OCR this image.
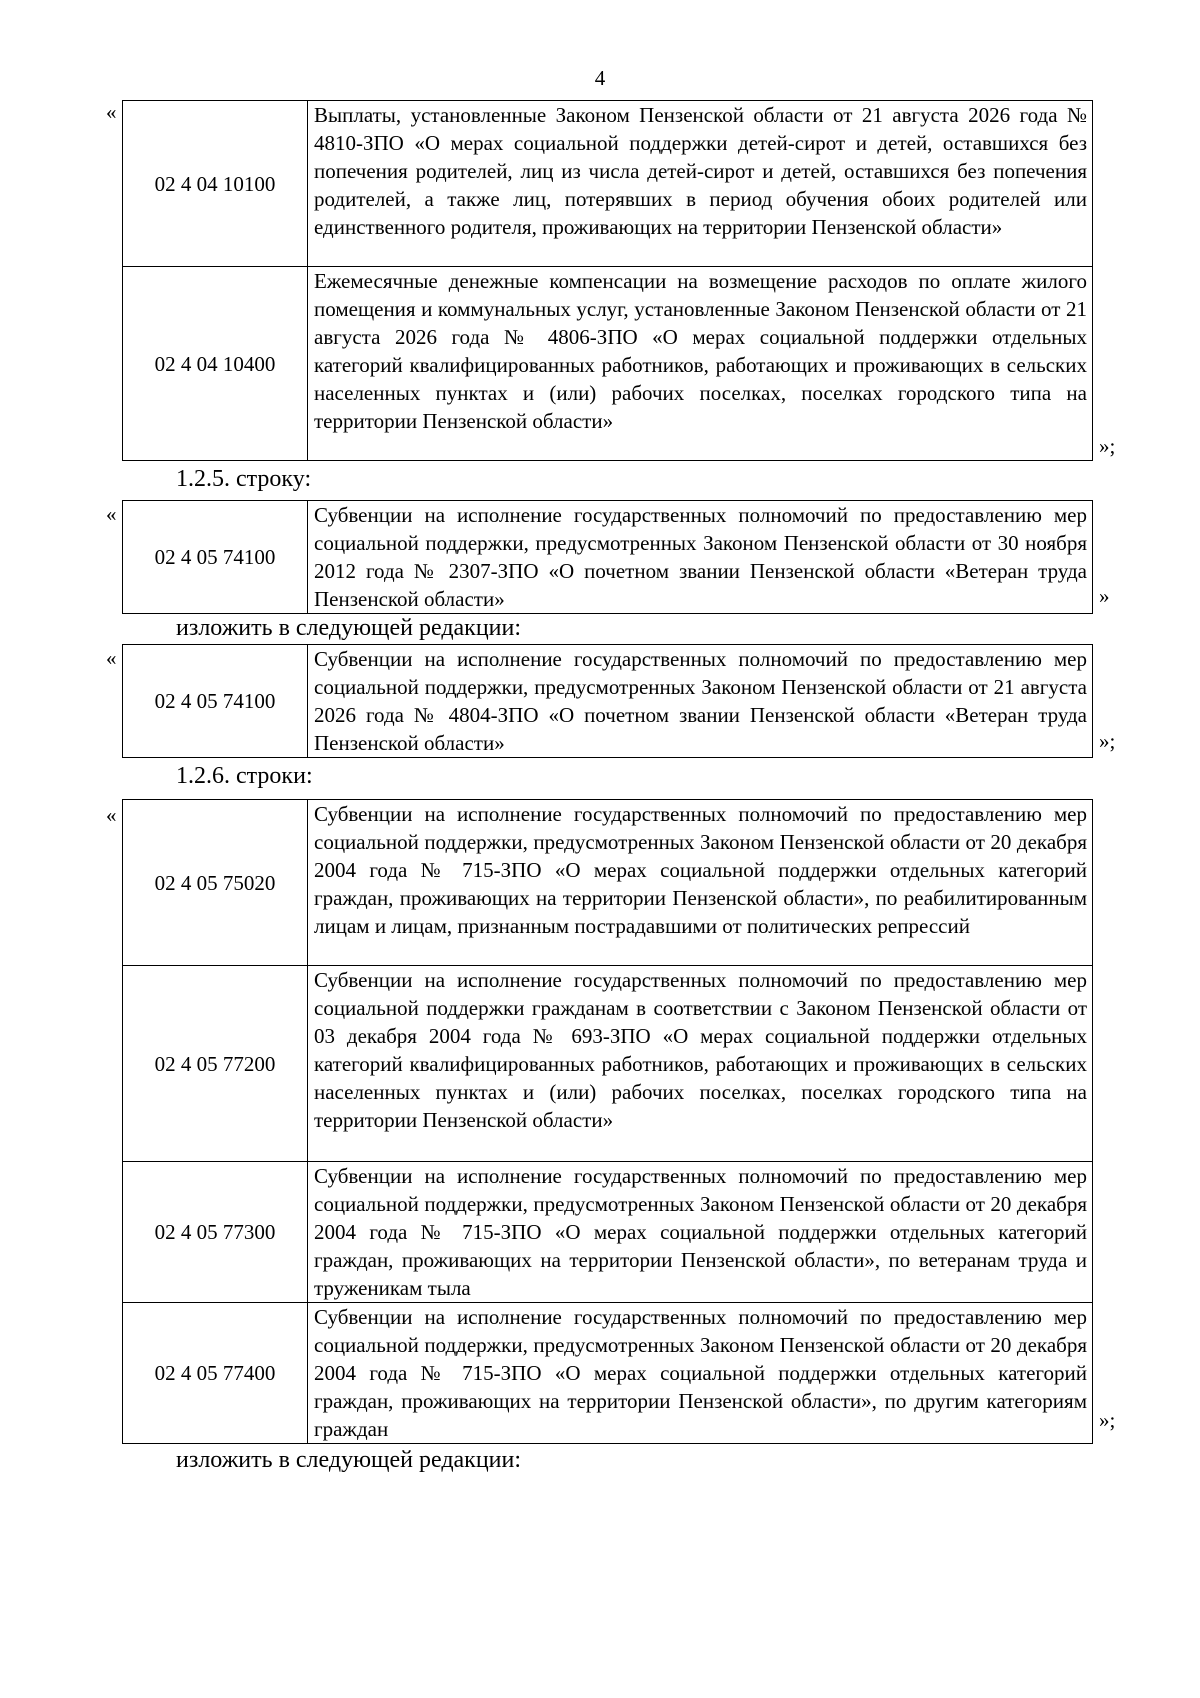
4
«
02 4 04 10100	Выплаты, установленные Законом Пензенской области от 21 августа 2026 года № 4810-ЗПО «О мерах социальной поддержки детей-сирот и детей, оставшихся без попечения родителей, лиц из числа детей-сирот и детей, оставшихся без попечения родителей, а также лиц, потерявших в период обучения обоих родителей или единственного родителя, проживающих на территории Пензенской области»
02 4 04 10400	Ежемесячные денежные компенсации на возмещение расходов по оплате жилого помещения и коммунальных услуг, установленные Законом Пензенской области от 21 августа 2026 года № 4806-ЗПО «О мерах социальной поддержки отдельных категорий квалифицированных работников, работающих и проживающих в сельских населенных пунктах и (или) рабочих поселках, поселках городского типа на территории Пензенской области»
»;
1.2.5. строку:
«
02 4 05 74100	Субвенции на исполнение государственных полномочий по предоставлению мер социальной поддержки, предусмотренных Законом Пензенской области от 30 ноября 2012 года № 2307-ЗПО «О почетном звании Пензенской области «Ветеран труда Пензенской области»	»
изложить в следующей редакции:
«
02 4 05 74100	Субвенции на исполнение государственных полномочий по предоставлению мер социальной поддержки, предусмотренных Законом Пензенской области от 21 августа 2026 года № 4804-ЗПО «О почетном звании Пензенской области «Ветеран труда Пензенской области»	»;
1.2.6. строки:
«
02 4 05 75020	Субвенции на исполнение государственных полномочий по предоставлению мер социальной поддержки, предусмотренных Законом Пензенской области от 20 декабря 2004 года № 715-ЗПО «О мерах социальной поддержки отдельных категорий граждан, проживающих на территории Пензенской области», по реабилитированным лицам и лицам, признанным пострадавшими от политических репрессий
02 4 05 77200	Субвенции на исполнение государственных полномочий по предоставлению мер социальной поддержки гражданам в соответствии с Законом Пензенской области от 03 декабря 2004 года № 693-ЗПО «О мерах социальной поддержки отдельных категорий квалифицированных работников, работающих и проживающих в сельских населенных пунктах и (или) рабочих поселках, поселках городского типа на территории Пензенской области»
02 4 05 77300	Субвенции на исполнение государственных полномочий по предоставлению мер социальной поддержки, предусмотренных Законом Пензенской области от 20 декабря 2004 года № 715-ЗПО «О мерах социальной поддержки отдельных категорий граждан, проживающих на территории Пензенской области», по ветеранам труда и труженикам тыла
02 4 05 77400	Субвенции на исполнение государственных полномочий по предоставлению мер социальной поддержки, предусмотренных Законом Пензенской области от 20 декабря 2004 года № 715-ЗПО «О мерах социальной поддержки отдельных категорий граждан, проживающих на территории Пензенской области», по другим категориям граждан	»;
изложить в следующей редакции:
